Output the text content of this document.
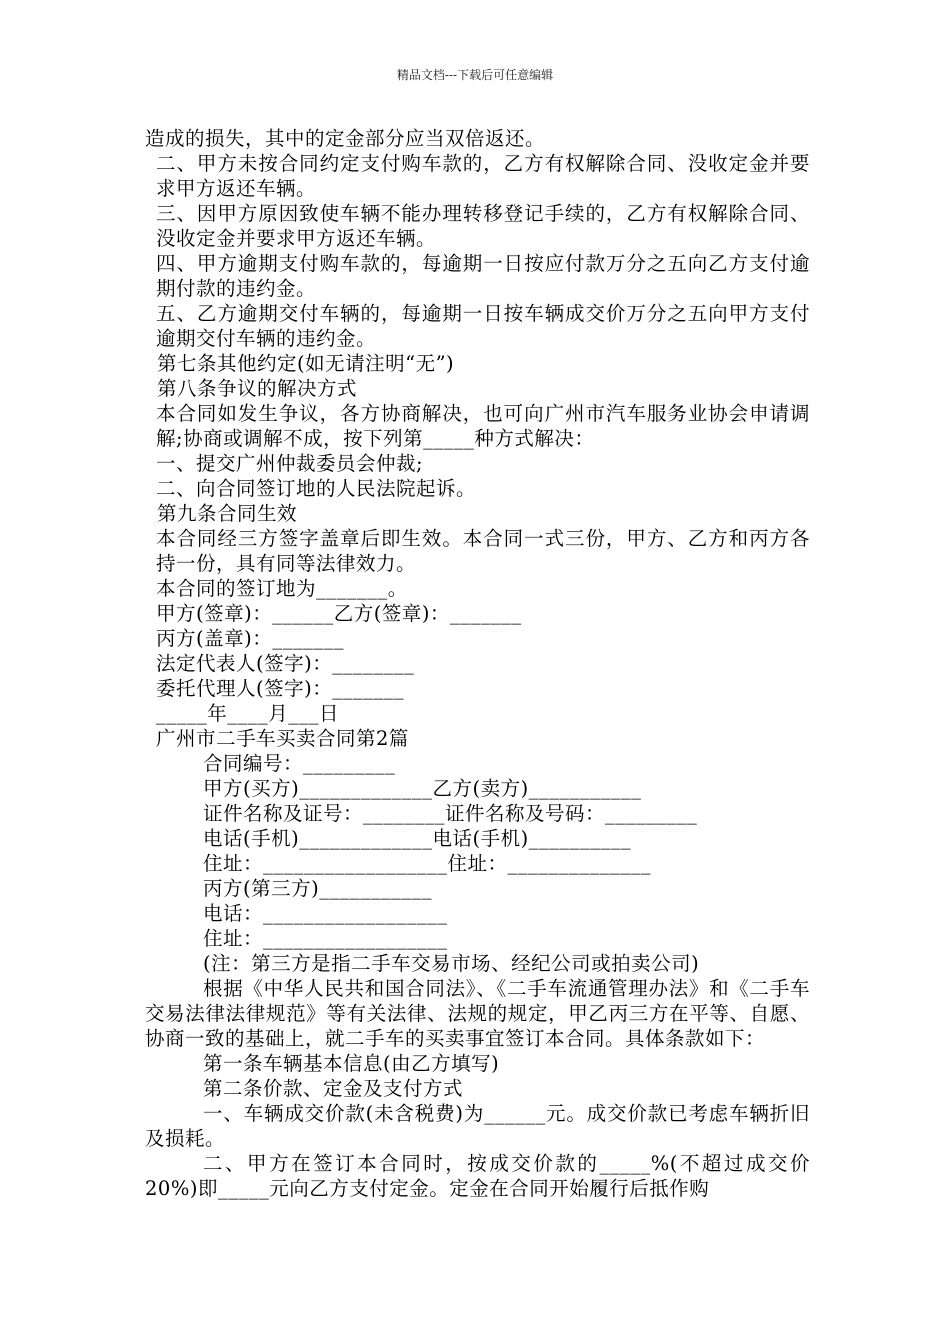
精品文档---下载后可任意编辑

造成的损失，其中的定金部分应当双倍返还。

二、甲方未按合同约定支付购车款的，乙方有权解除合同、没收定金并要求甲方返还车辆。

三、因甲方原因致使车辆不能办理转移登记手续的，乙方有权解除合同、没收定金并要求甲方返还车辆。

四、甲方逾期支付购车款的，每逾期一日按应付款万分之五向乙方支付逾期付款的违约金。

五、乙方逾期交付车辆的，每逾期一日按车辆成交价万分之五向甲方支付逾期交付车辆的违约金。

第七条其他约定(如无请注明“无”)

第八条争议的解决方式

本合同如发生争议，各方协商解决，也可向广州市汽车服务业协会申请调解;协商或调解不成，按下列第_____种方式解决：

一、提交广州仲裁委员会仲裁;

二、向合同签订地的人民法院起诉。

第九条合同生效

本合同经三方签字盖章后即生效。本合同一式三份，甲方、乙方和丙方各持一份，具有同等法律效力。

本合同的签订地为_______。

甲方(签章)：______乙方(签章)：_______

丙方(盖章)：_______

法定代表人(签字)：________

委托代理人(签字)：_______

_____年____月___日

广州市二手车买卖合同第2篇

合同编号：_________

甲方(买方)_____________乙方(卖方)___________

证件名称及证号：________证件名称及号码：_________

电话(手机)_____________电话(手机)__________

住址：__________________住址：______________

丙方(第三方)___________

电话：__________________

住址：__________________

(注：第三方是指二手车交易市场、经纪公司或拍卖公司)

根据《中华人民共和国合同法》、《二手车流通管理办法》和《二手车交易法律法律规范》等有关法律、法规的规定，甲乙丙三方在平等、自愿、协商一致的基础上，就二手车的买卖事宜签订本合同。具体条款如下：

第一条车辆基本信息(由乙方填写)

第二条价款、定金及支付方式

一、车辆成交价款(未含税费)为______元。成交价款已考虑车辆折旧及损耗。

二、甲方在签订本合同时，按成交价款的_____%(不超过成交价20%)即_____元向乙方支付定金。定金在合同开始履行后抵作购
